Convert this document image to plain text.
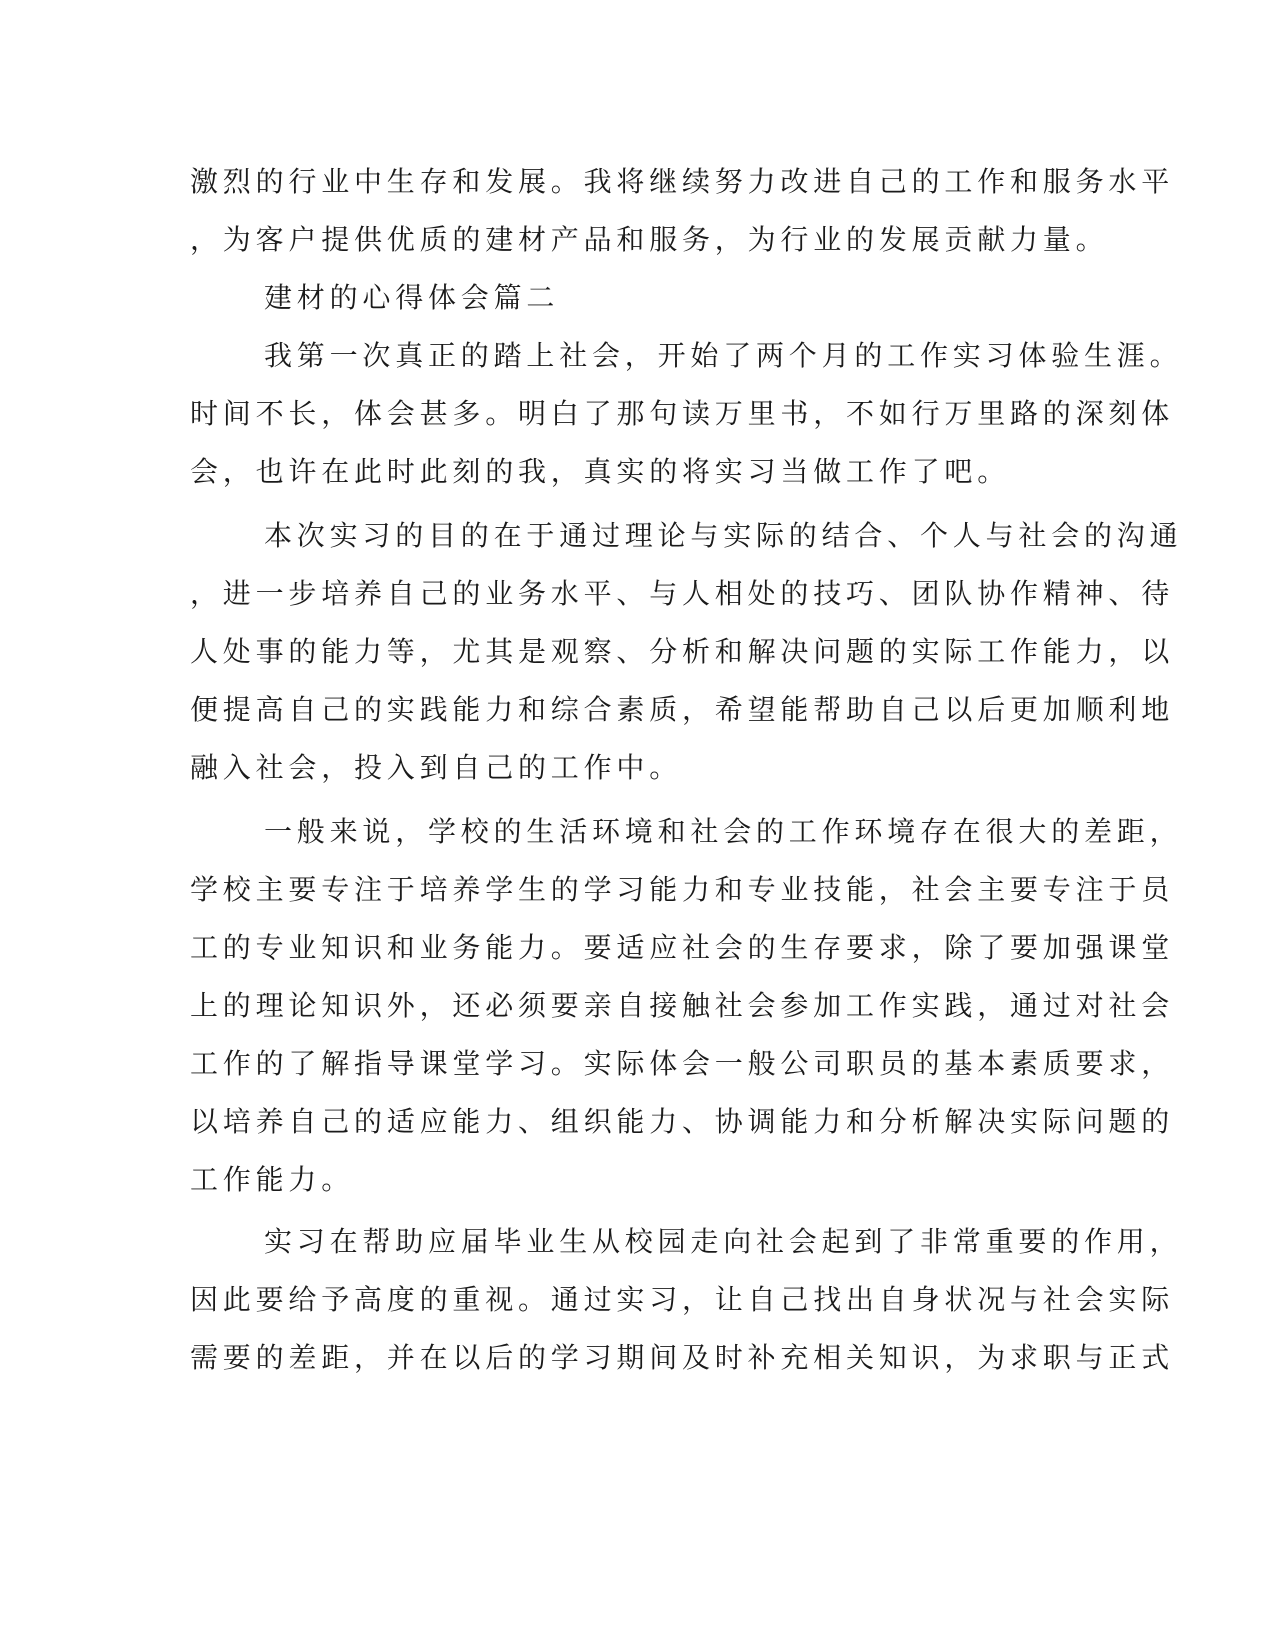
激烈的行业中生存和发展。我将继续努力改进自己的工作和服务水平
，为客户提供优质的建材产品和服务，为行业的发展贡献力量。
建材的心得体会篇二
我第一次真正的踏上社会，开始了两个月的工作实习体验生涯。
时间不长，体会甚多。明白了那句读万里书，不如行万里路的深刻体
会，也许在此时此刻的我，真实的将实习当做工作了吧。
本次实习的目的在于通过理论与实际的结合、个人与社会的沟通
，进一步培养自己的业务水平、与人相处的技巧、团队协作精神、待
人处事的能力等，尤其是观察、分析和解决问题的实际工作能力，以
便提高自己的实践能力和综合素质，希望能帮助自己以后更加顺利地
融入社会，投入到自己的工作中。
一般来说，学校的生活环境和社会的工作环境存在很大的差距，
学校主要专注于培养学生的学习能力和专业技能，社会主要专注于员
工的专业知识和业务能力。要适应社会的生存要求，除了要加强课堂
上的理论知识外，还必须要亲自接触社会参加工作实践，通过对社会
工作的了解指导课堂学习。实际体会一般公司职员的基本素质要求，
以培养自己的适应能力、组织能力、协调能力和分析解决实际问题的
工作能力。
实习在帮助应届毕业生从校园走向社会起到了非常重要的作用，
因此要给予高度的重视。通过实习，让自己找出自身状况与社会实际
需要的差距，并在以后的学习期间及时补充相关知识，为求职与正式
